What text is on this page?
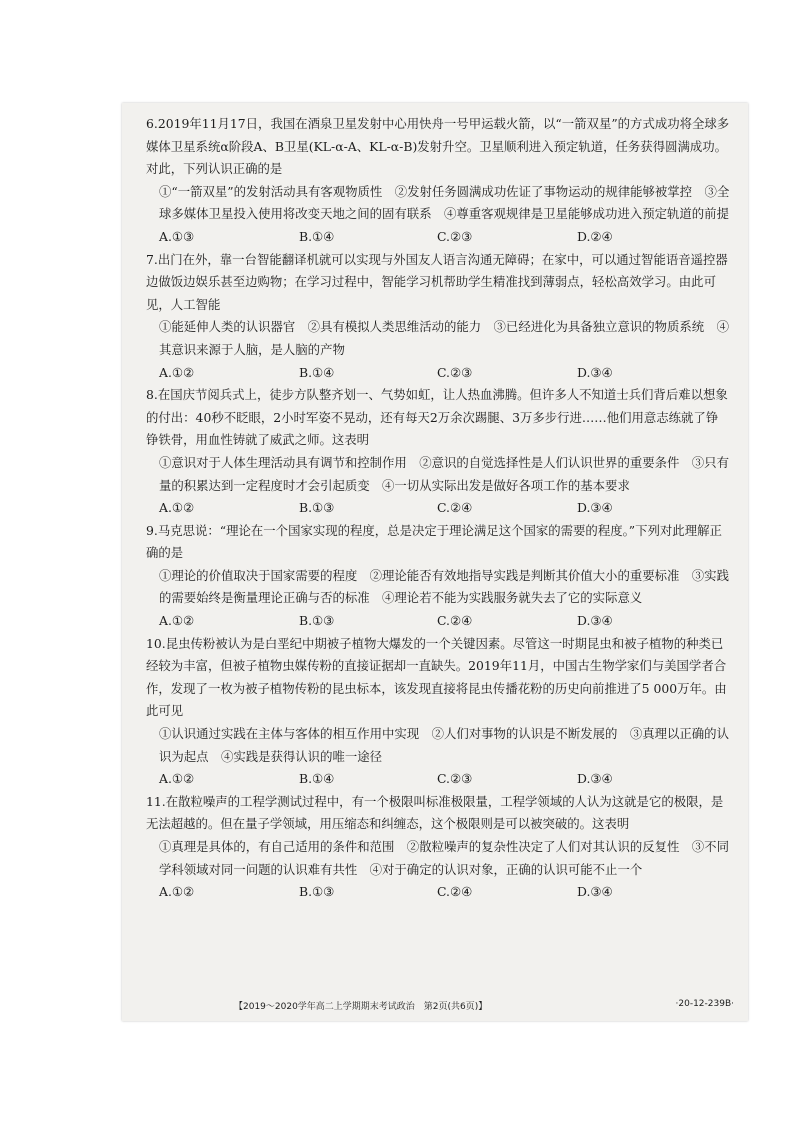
6.2019年11月17日，我国在酒泉卫星发射中心用快舟一号甲运载火箭，以“一箭双星”的方式成功将全球多媒体卫星系统α阶段A、B卫星(KL-α-A、KL-α-B)发射升空。卫星顺利进入预定轨道，任务获得圆满成功。对此，下列认识正确的是

①“一箭双星”的发射活动具有客观物质性　②发射任务圆满成功佐证了事物运动的规律能够被掌控　③全球多媒体卫星投入使用将改变天地之间的固有联系　④尊重客观规律是卫星能够成功进入预定轨道的前提

A.①③	B.①④	C.②③	D.②④

7.出门在外，靠一台智能翻译机就可以实现与外国友人语言沟通无障碍；在家中，可以通过智能语音遥控器边做饭边娱乐甚至边购物；在学习过程中，智能学习机帮助学生精准找到薄弱点，轻松高效学习。由此可见，人工智能

①能延伸人类的认识器官　②具有模拟人类思维活动的能力　③已经进化为具备独立意识的物质系统　④其意识来源于人脑，是人脑的产物

A.①②	B.①④	C.②③	D.③④

8.在国庆节阅兵式上，徒步方队整齐划一、气势如虹，让人热血沸腾。但许多人不知道士兵们背后难以想象的付出：40秒不眨眼，2小时军姿不晃动，还有每天2万余次踢腿、3万多步行进……他们用意志练就了铮铮铁骨，用血性铸就了威武之师。这表明

①意识对于人体生理活动具有调节和控制作用　②意识的自觉选择性是人们认识世界的重要条件　③只有量的积累达到一定程度时才会引起质变　④一切从实际出发是做好各项工作的基本要求

A.①②	B.①③	C.②④	D.③④

9.马克思说：“理论在一个国家实现的程度，总是决定于理论满足这个国家的需要的程度。”下列对此理解正确的是

①理论的价值取决于国家需要的程度　②理论能否有效地指导实践是判断其价值大小的重要标准　③实践的需要始终是衡量理论正确与否的标准　④理论若不能为实践服务就失去了它的实际意义

A.①②	B.①③	C.②④	D.③④

10.昆虫传粉被认为是白垩纪中期被子植物大爆发的一个关键因素。尽管这一时期昆虫和被子植物的种类已经较为丰富，但被子植物虫媒传粉的直接证据却一直缺失。2019年11月，中国古生物学家们与美国学者合作，发现了一枚为被子植物传粉的昆虫标本，该发现直接将昆虫传播花粉的历史向前推进了5 000万年。由此可见

①认识通过实践在主体与客体的相互作用中实现　②人们对事物的认识是不断发展的　③真理以正确的认识为起点　④实践是获得认识的唯一途径

A.①②	B.①④	C.②③	D.③④

11.在散粒噪声的工程学测试过程中，有一个极限叫标准极限量，工程学领域的人认为这就是它的极限，是无法超越的。但在量子学领域，用压缩态和纠缠态，这个极限则是可以被突破的。这表明

①真理是具体的，有自己适用的条件和范围　②散粒噪声的复杂性决定了人们对其认识的反复性　③不同学科领域对同一问题的认识难有共性　④对于确定的认识对象，正确的认识可能不止一个

A.①②	B.①③	C.②④	D.③④
【2019～2020学年高二上学期期末考试政治　第2页(共6页)】	·20-12-239B·
